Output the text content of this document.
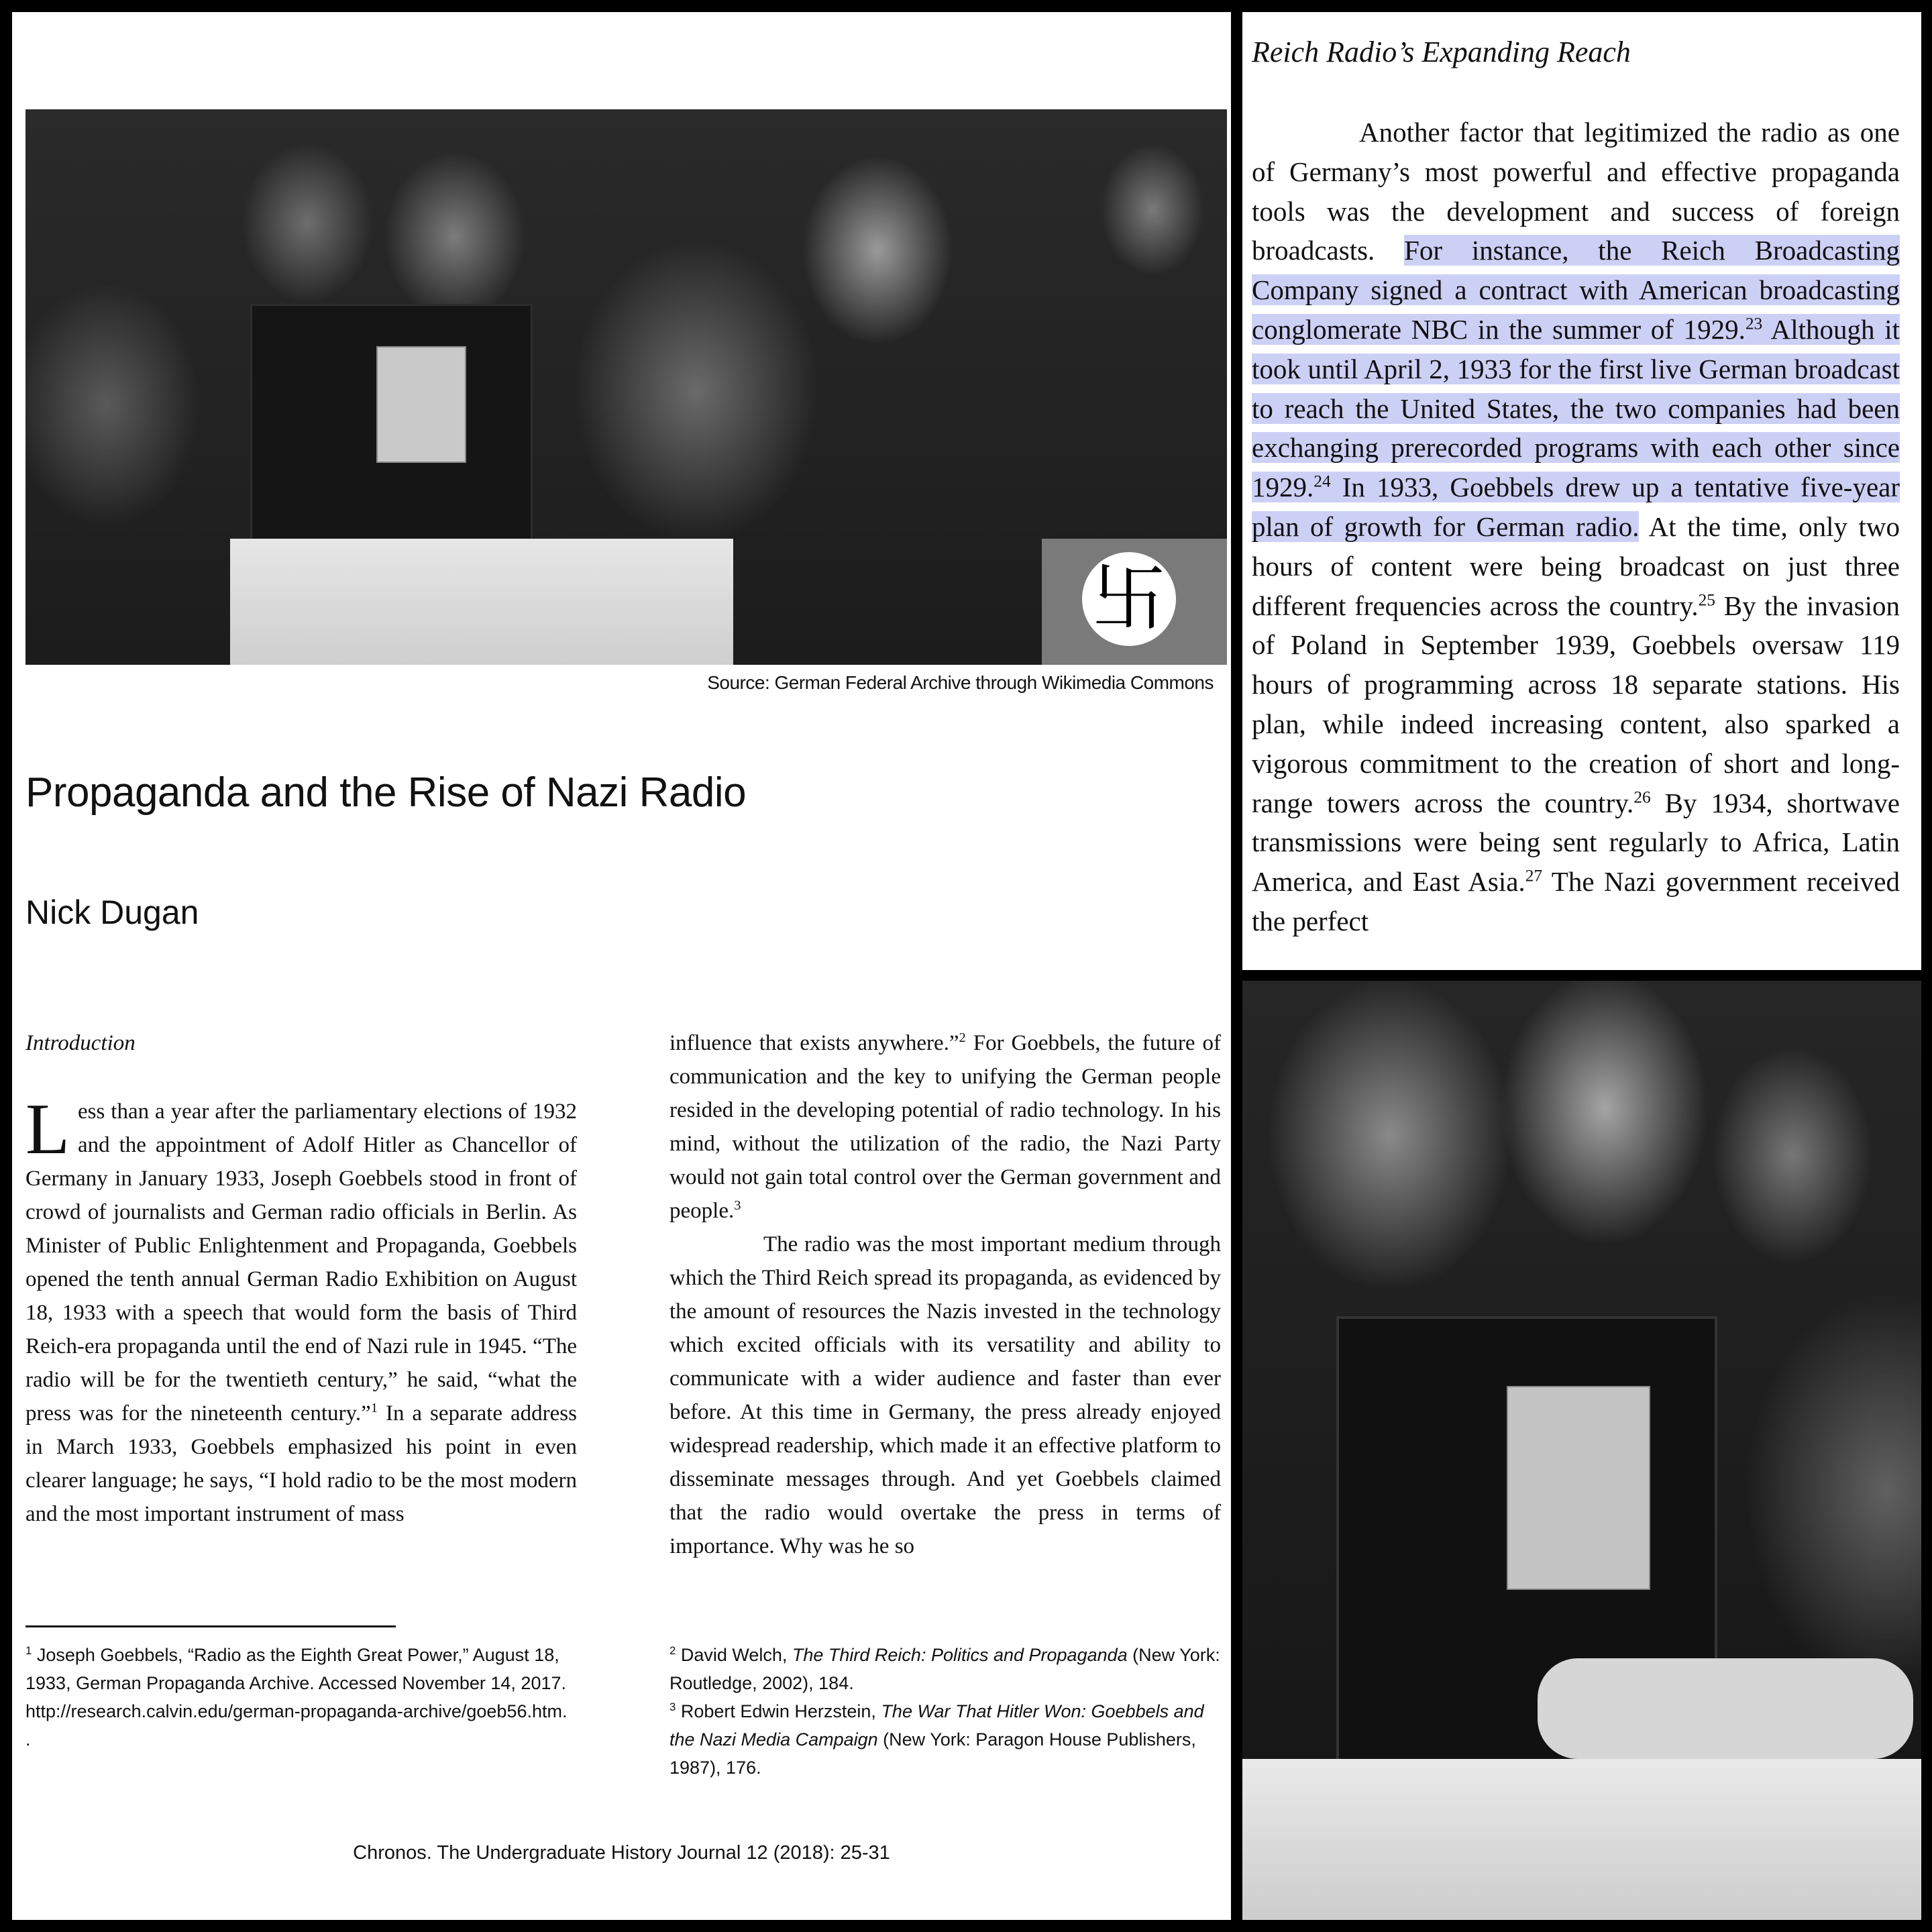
卐
Source: German Federal Archive through Wikimedia Commons
Propaganda and the Rise of Nazi Radio
Nick Dugan

Introduction

Less than a year after the parliamentary elections of 1932 and the appointment of Adolf Hitler as Chancellor of Germany in January 1933, Joseph Goebbels stood in front of crowd of journalists and German radio officials in Berlin. As Minister of Public Enlightenment and Propaganda, Goebbels opened the tenth annual German Radio Exhibition on August 18, 1933 with a speech that would form the basis of Third Reich-era propaganda until the end of Nazi rule in 1945. “The radio will be for the twentieth century,” he said, “what the press was for the nineteenth century.”$^1$ In a separate address in March 1933, Goebbels emphasized his point in even clearer language; he says, “I hold radio to be the most modern and the most important instrument of mass

influence that exists anywhere.”$^2$ For Goebbels, the future of communication and the key to unifying the German people resided in the developing potential of radio technology. In his mind, without the utilization of the radio, the Nazi Party would not gain total control over the German government and people.$^3$

The radio was the most important medium through which the Third Reich spread its propaganda, as evidenced by the amount of resources the Nazis invested in the technology which excited officials with its versatility and ability to communicate with a wider audience and faster than ever before. At this time in Germany, the press already enjoyed widespread readership, which made it an effective platform to disseminate messages through. And yet Goebbels claimed that the radio would overtake the press in terms of importance. Why was he so

$^1$ Joseph Goebbels, “Radio as the Eighth Great Power,” August 18, 1933, German Propaganda Archive. Accessed November 14, 2017. http://research.calvin.edu/german-propaganda-archive/goeb56.htm.

.

$^2$ David Welch, The Third Reich: Politics and Propaganda (New York: Routledge, 2002), 184.

$^3$ Robert Edwin Herzstein, The War That Hitler Won: Goebbels and the Nazi Media Campaign (New York: Paragon House Publishers, 1987), 176.

Chronos. The Undergraduate History Journal 12 (2018): 25-31
Reich Radio’s Expanding Reach

Another factor that legitimized the radio as one of Germany’s most powerful and effective propaganda tools was the development and success of foreign broadcasts. For instance, the Reich Broadcasting Company signed a contract with American broadcasting conglomerate NBC in the summer of 1929.23 Although it took until April 2, 1933 for the first live German broadcast to reach the United States, the two companies had been exchanging prerecorded programs with each other since 1929.24 In 1933, Goebbels drew up a tentative five-year plan of growth for German radio. At the time, only two hours of content were being broadcast on just three different frequencies across the country.$^{25}$ By the invasion of Poland in September 1939, Goebbels oversaw 119 hours of programming across 18 separate stations. His plan, while indeed increasing content, also sparked a vigorous commitment to the creation of short and long-range towers across the country.$^{26}$ By 1934, shortwave transmissions were being sent regularly to Africa, Latin America, and East Asia.$^{27}$ The Nazi government received the perfect
